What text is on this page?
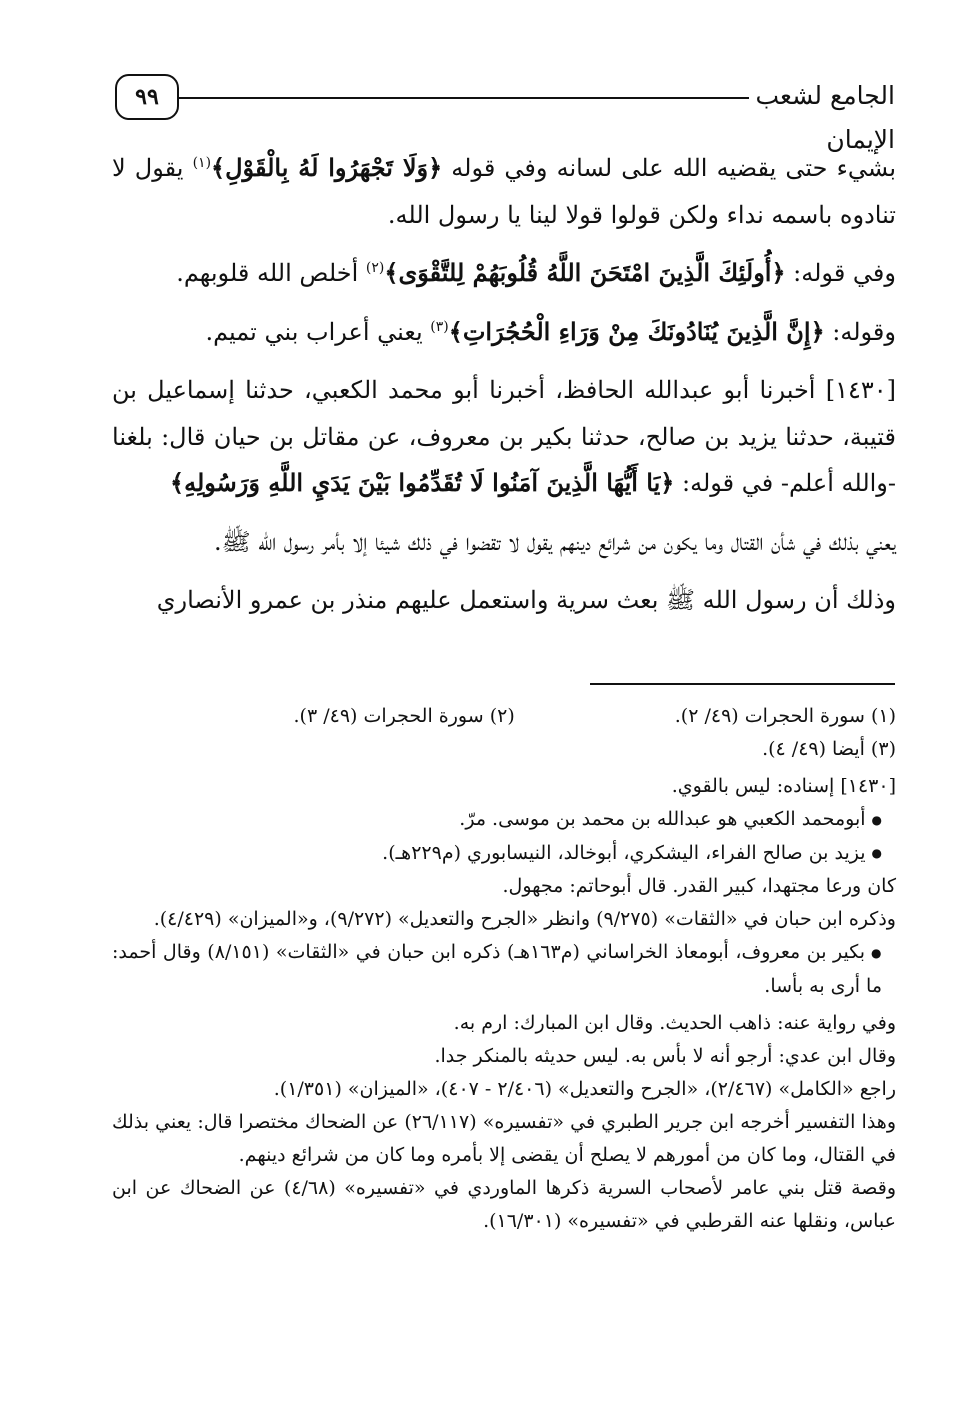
٩٩	الجامع لشعب الإيمان

بشيء حتى يقضيه الله على لسانه وفي قوله ﴿وَلَا تَجْهَرُوا لَهُ بِالْقَوْلِ﴾$^{(١)}$ يقول لا تنادوه باسمه نداء ولكن قولوا قولا لينا يا رسول الله.

وفي قوله: ﴿أُولَئِكَ الَّذِينَ امْتَحَنَ اللَّهُ قُلُوبَهُمْ لِلتَّقْوَى﴾$^{(٢)}$ أخلص الله قلوبهم.

وقوله: ﴿إِنَّ الَّذِينَ يُنَادُونَكَ مِنْ وَرَاءِ الْحُجُرَاتِ﴾$^{(٣)}$ يعني أعراب بني تميم.

[١٤٣٠] أخبرنا أبو عبدالله الحافظ، أخبرنا أبو محمد الكعبي، حدثنا إسماعيل بن قتيبة، حدثنا يزيد بن صالح، حدثنا بكير بن معروف، عن مقاتل بن حيان قال: بلغنا -والله أعلم- في قوله: ﴿يَا أَيُّهَا الَّذِينَ آمَنُوا لَا تُقَدِّمُوا بَيْنَ يَدَيِ اللَّهِ وَرَسُولِهِ﴾

يعني بذلك في شأن القتال وما يكون من شرائع دينهم يقول لا تقضوا في ذلك شيئا إلا بأمر رسول الله ﷺ.

وذلك أن رسول الله ﷺ بعث سرية واستعمل عليهم منذر بن عمرو الأنصاري

(١) سورة الحجرات (٤٩/ ٢).
(٢) سورة الحجرات (٤٩/ ٣).

(٣) أيضا (٤٩/ ٤).

[١٤٣٠] إسناده: ليس بالقوي.

● أبومحمد الكعبي هو عبدالله بن محمد بن موسى. مرّ.

● يزيد بن صالح الفراء، اليشكري، أبوخالد، النيسابوري (م٢٢٩هـ).

كان ورعا مجتهدا، كبير القدر. قال أبوحاتم: مجهول.

وذكره ابن حبان في «الثقات» (٩/٢٧٥) وانظر «الجرح والتعديل» (٩/٢٧٢)، و«الميزان» (٤/٤٢٩).

● بكير بن معروف، أبومعاذ الخراساني (م١٦٣هـ) ذكره ابن حبان في «الثقات» (٨/١٥١) وقال أحمد: ما أرى به بأسا.

وفي رواية عنه: ذاهب الحديث. وقال ابن المبارك: ارم به.

وقال ابن عدي: أرجو أنه لا بأس به. ليس حديثه بالمنكر جدا.

راجع «الكامل» (٢/٤٦٧)، «الجرح والتعديل» (٢/٤٠٦ - ٤٠٧)، «الميزان» (١/٣٥١).

وهذا التفسير أخرجه ابن جرير الطبري في «تفسيره» (٢٦/١١٧) عن الضحاك مختصرا قال: يعني بذلك في القتال، وما كان من أمورهم لا يصلح أن يقضى إلا بأمره وما كان من شرائع دينهم.

وقصة قتل بني عامر لأصحاب السرية ذكرها الماوردي في «تفسيره» (٤/٦٨) عن الضحاك عن ابن عباس، ونقلها عنه القرطبي في «تفسيره» (١٦/٣٠١).
